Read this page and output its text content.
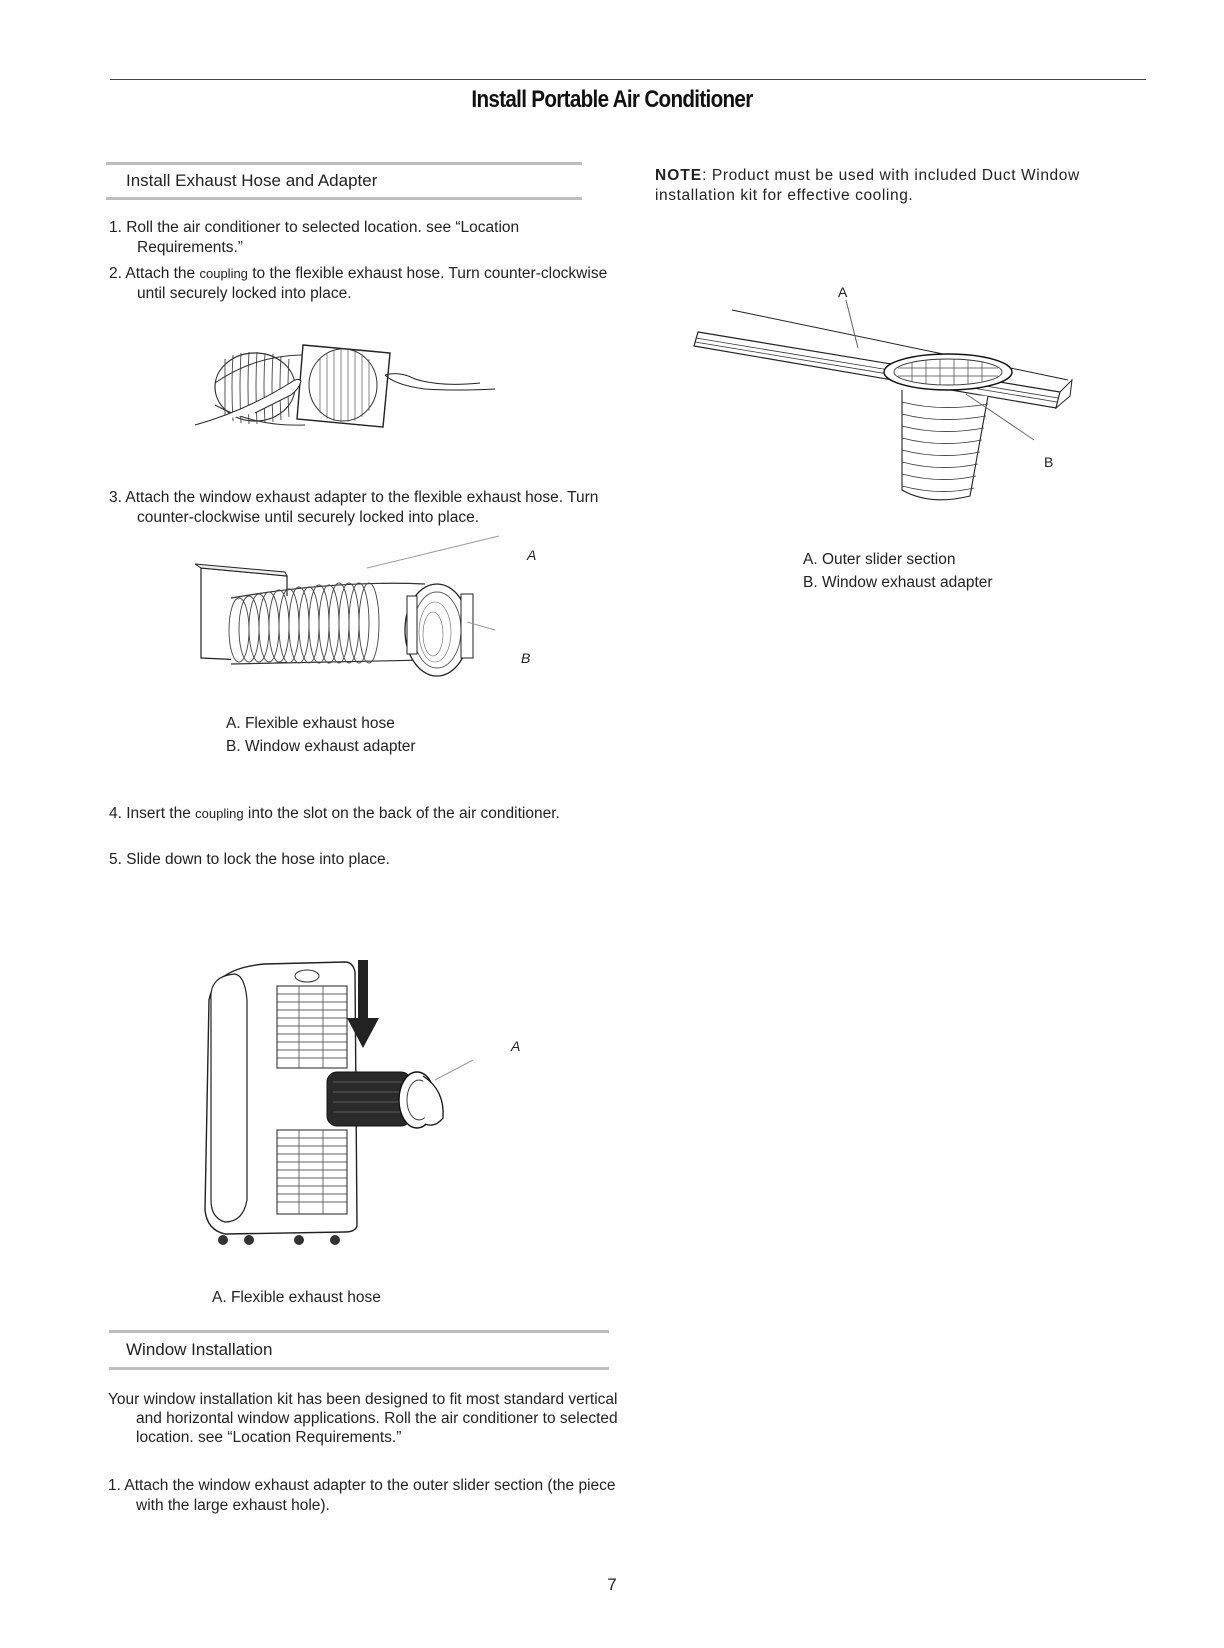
Install Portable Air Conditioner
Install Exhaust Hose and Adapter
1. Roll the air conditioner to selected location. see “Location Requirements.”
2. Attach the coupling to the flexible exhaust hose. Turn counter-clockwise until securely locked into place.
3. Attach the window exhaust adapter to the flexible exhaust hose. Turn counter-clockwise until securely locked into place.
A
B
A. Flexible exhaust hose
B. Window exhaust adapter
4. Insert the coupling into the slot on the back of the air conditioner.
5. Slide down to lock the hose into place.
A
A. Flexible exhaust hose
Window Installation
Your window installation kit has been designed to fit most standard vertical and horizontal window applications. Roll the air conditioner to selected location. see “Location Requirements.”
1. Attach the window exhaust adapter to the outer slider section (the piece with the large exhaust hole).
NOTE: Product must be used with included Duct Window installation kit for effective cooling.
A
B
A. Outer slider section
B. Window exhaust adapter
7
